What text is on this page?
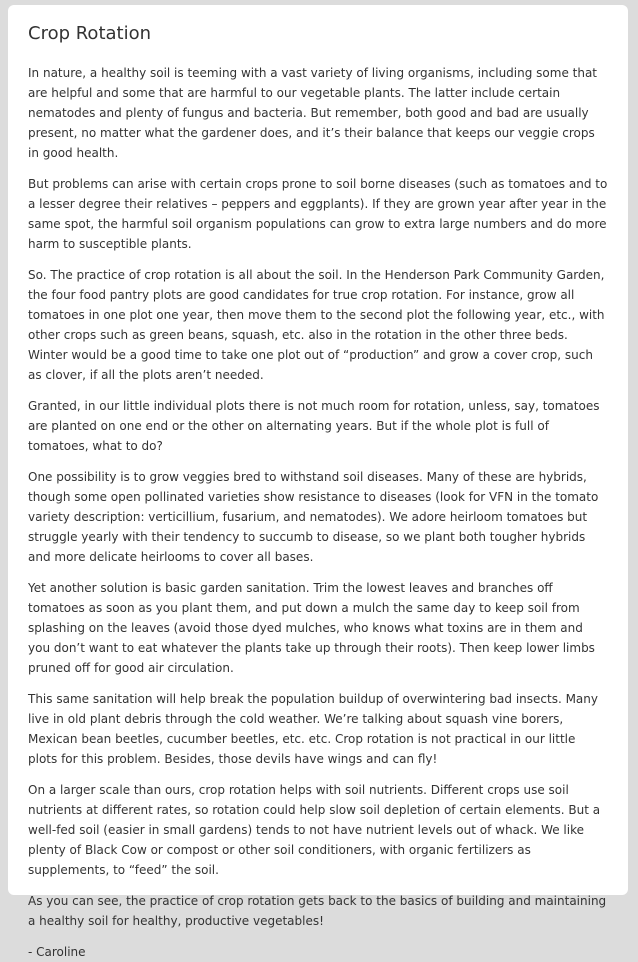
Crop Rotation

In nature, a healthy soil is teeming with a vast variety of living organisms, including some that are helpful and some that are harmful to our vegetable plants. The latter include certain nematodes and plenty of fungus and bacteria. But remember, both good and bad are usually present, no matter what the gardener does, and it’s their balance that keeps our veggie crops in good health.

But problems can arise with certain crops prone to soil borne diseases (such as tomatoes and to a lesser degree their relatives – peppers and eggplants). If they are grown year after year in the same spot, the harmful soil organism populations can grow to extra large numbers and do more harm to susceptible plants.

So. The practice of crop rotation is all about the soil. In the Henderson Park Community Garden, the four food pantry plots are good candidates for true crop rotation. For instance, grow all tomatoes in one plot one year, then move them to the second plot the following year, etc., with other crops such as green beans, squash, etc. also in the rotation in the other three beds. Winter would be a good time to take one plot out of “production” and grow a cover crop, such as clover, if all the plots aren’t needed.

Granted, in our little individual plots there is not much room for rotation, unless, say, tomatoes are planted on one end or the other on alternating years. But if the whole plot is full of tomatoes, what to do?

One possibility is to grow veggies bred to withstand soil diseases. Many of these are hybrids, though some open pollinated varieties show resistance to diseases (look for VFN in the tomato variety description: verticillium, fusarium, and nematodes). We adore heirloom tomatoes but struggle yearly with their tendency to succumb to disease, so we plant both tougher hybrids and more delicate heirlooms to cover all bases.

Yet another solution is basic garden sanitation. Trim the lowest leaves and branches off tomatoes as soon as you plant them, and put down a mulch the same day to keep soil from splashing on the leaves (avoid those dyed mulches, who knows what toxins are in them and you don’t want to eat whatever the plants take up through their roots). Then keep lower limbs pruned off for good air circulation.

This same sanitation will help break the population buildup of overwintering bad insects. Many live in old plant debris through the cold weather. We’re talking about squash vine borers, Mexican bean beetles, cucumber beetles, etc. etc. Crop rotation is not practical in our little plots for this problem. Besides, those devils have wings and can fly!

On a larger scale than ours, crop rotation helps with soil nutrients. Different crops use soil nutrients at different rates, so rotation could help slow soil depletion of certain elements. But a well-fed soil (easier in small gardens) tends to not have nutrient levels out of whack. We like plenty of Black Cow or compost or other soil conditioners, with organic fertilizers as supplements, to “feed” the soil.

As you can see, the practice of crop rotation gets back to the basics of building and maintaining a healthy soil for healthy, productive vegetables!

- Caroline
